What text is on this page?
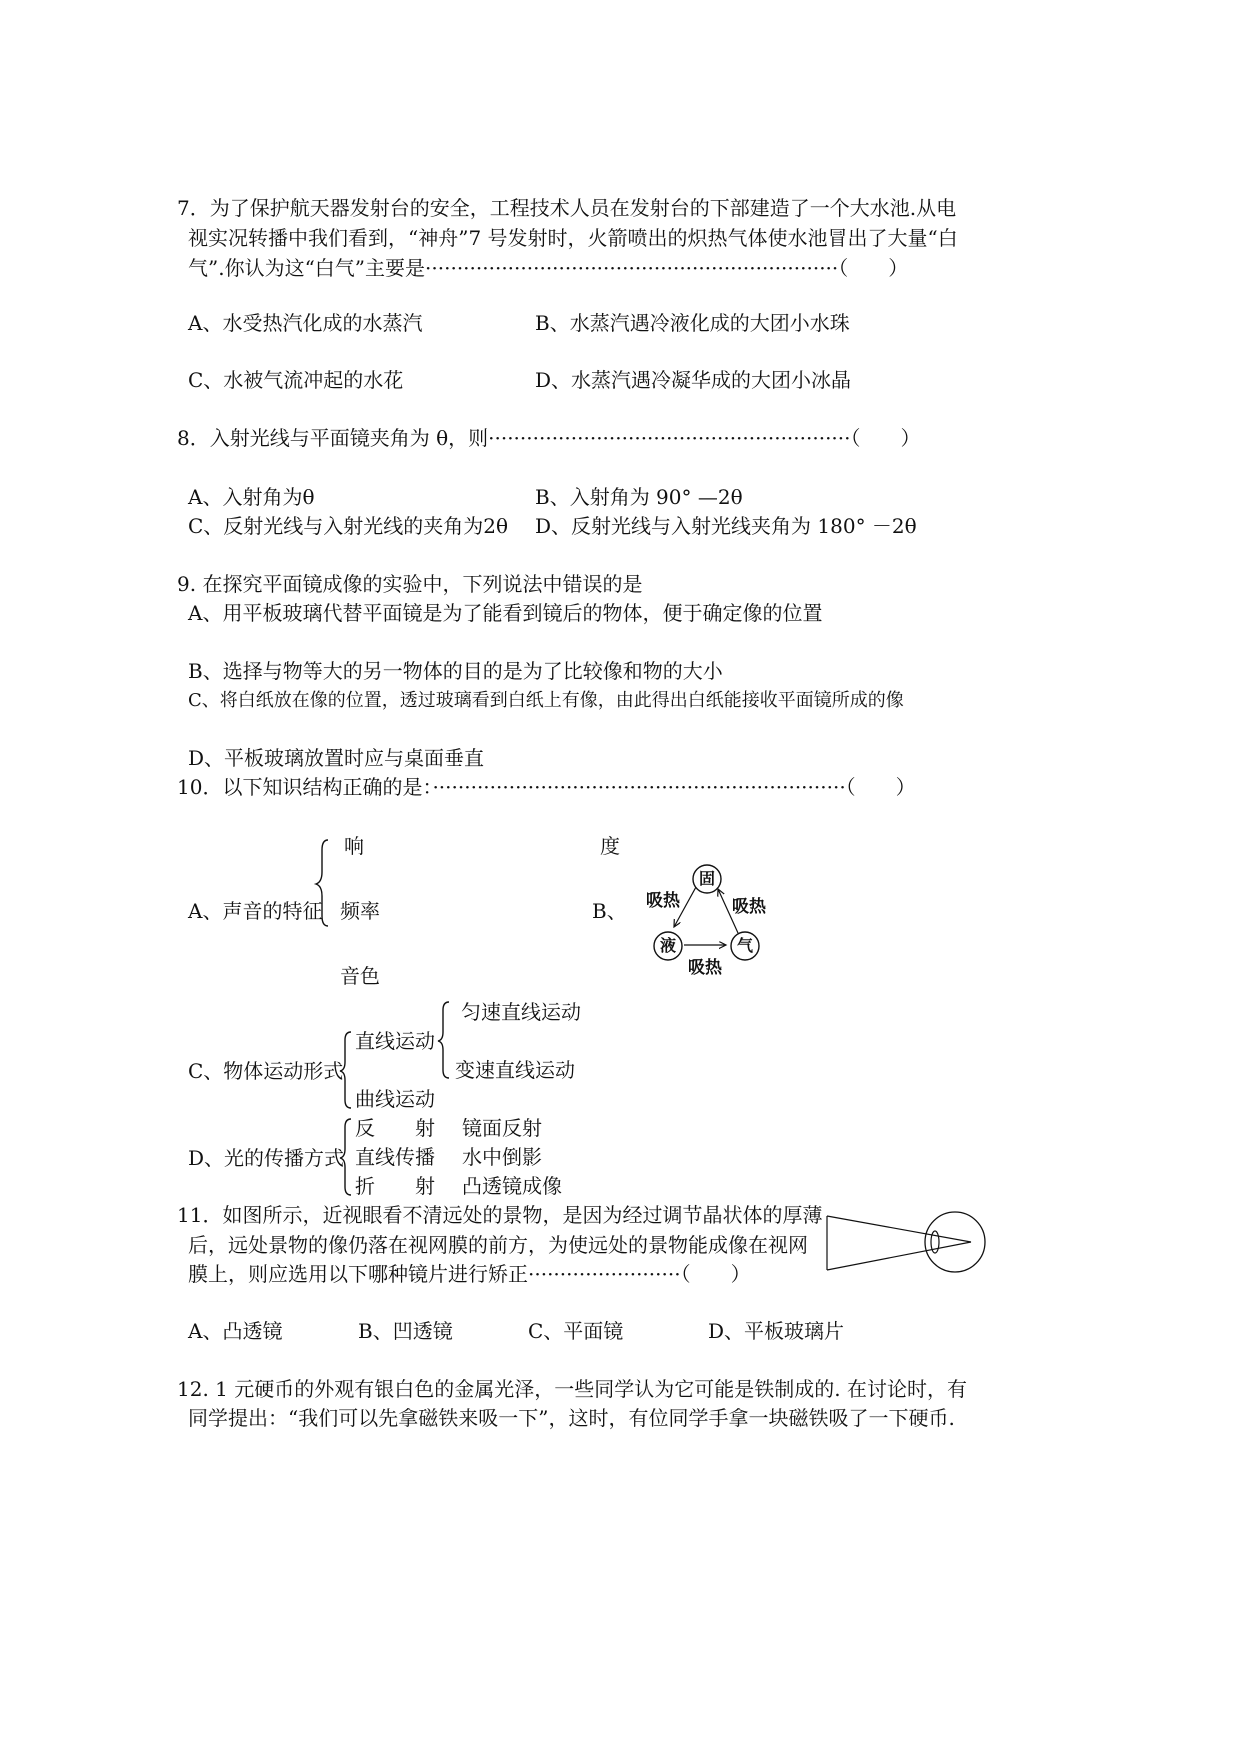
7．为了保护航天器发射台的安全，工程技术人员在发射台的下部建造了一个大水池.从电
视实况转播中我们看到，“神舟”7 号发射时，火箭喷出的炽热气体使水池冒出了大量“白
气”.你认为这“白气”主要是·································································（　　）
A、水受热汽化成的水蒸汽	B、水蒸汽遇冷液化成的大团小水珠
C、水被气流冲起的水花	D、水蒸汽遇冷凝华成的大团小冰晶
8．入射光线与平面镜夹角为 θ，则·························································（　　）
A、入射角为θ	B、入射角为 90° —2θ
C、反射光线与入射光线的夹角为2θ D、反射光线与入射光线夹角为 180° －2θ
9. 在探究平面镜成像的实验中，下列说法中错误的是
A、用平板玻璃代替平面镜是为了能看到镜后的物体，便于确定像的位置
B、选择与物等大的另一物体的目的是为了比较像和物的大小
C、将白纸放在像的位置，透过玻璃看到白纸上有像，由此得出白纸能接收平面镜所成的像
D、平板玻璃放置时应与桌面垂直
10．以下知识结构正确的是：·································································（　　）
A、声音的特征
响
频率
音色
度
B、
固
液	气
吸热	吸热
吸热
C、物体运动形式
直线运动
曲线运动
匀速直线运动
变速直线运动
D、光的传播方式
反　　射 镜面反射
直线传播 水中倒影
折　　射 凸透镜成像
11．如图所示，近视眼看不清远处的景物，是因为经过调节晶状体的厚薄
后，远处景物的像仍落在视网膜的前方，为使远处的景物能成像在视网
膜上，则应选用以下哪种镜片进行矫正························（　　）
A、凸透镜	B、凹透镜	C、平面镜	D、平板玻璃片
12. 1 元硬币的外观有银白色的金属光泽，一些同学认为它可能是铁制成的. 在讨论时，有
同学提出：“我们可以先拿磁铁来吸一下”，这时，有位同学手拿一块磁铁吸了一下硬币.
